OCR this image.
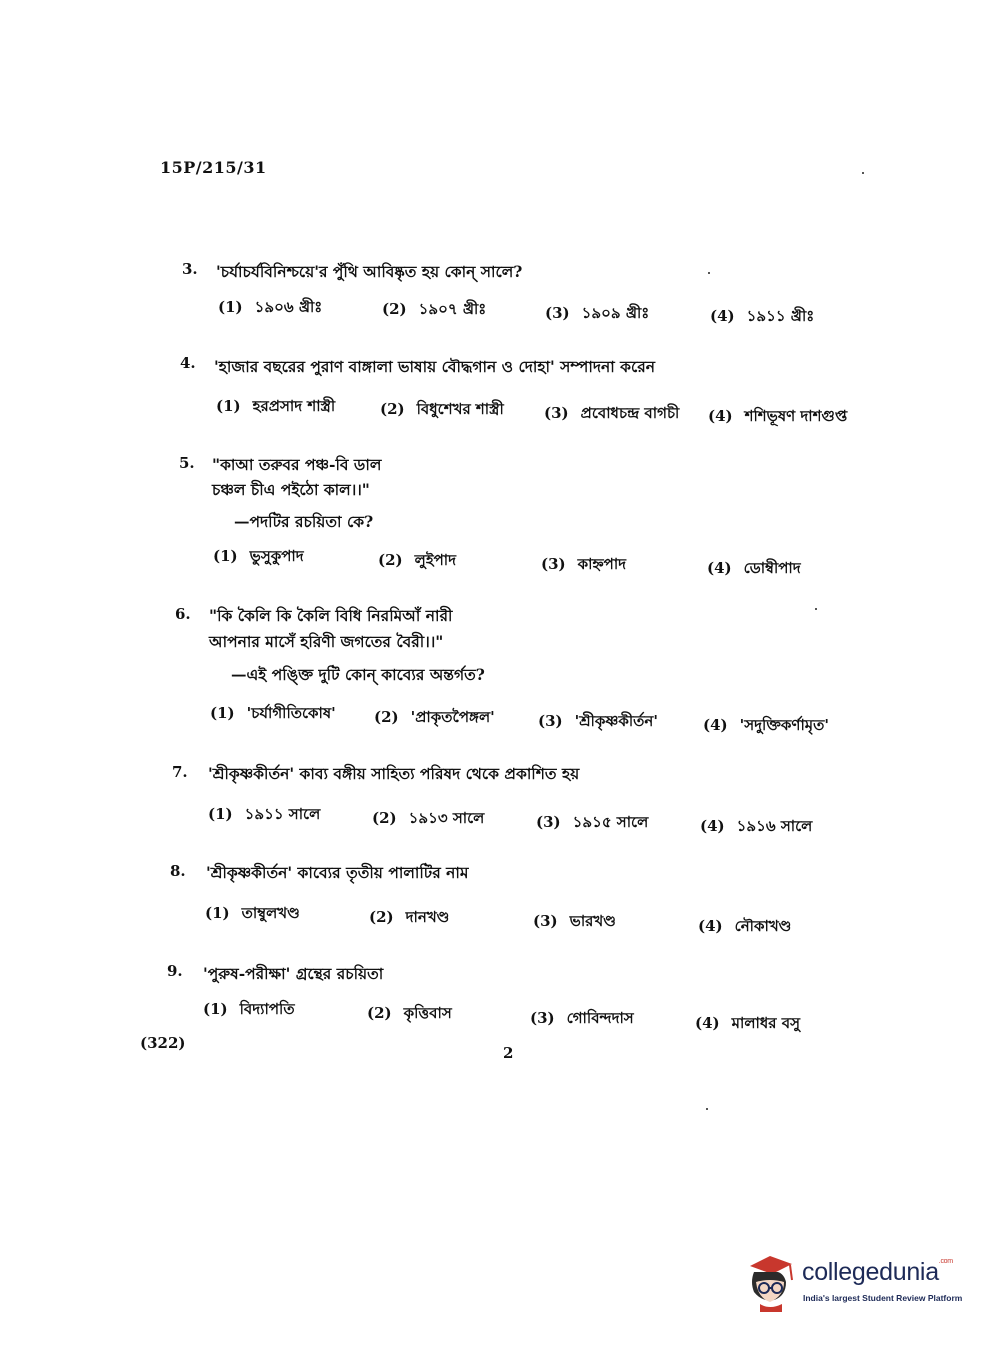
15P/215/31
3. 'চর্যাচর্যবিনিশ্চয়ে'র পুঁথি আবিষ্কৃত হয় কোন্ সালে?
(1) ১৯০৬ খ্রীঃ	(2) ১৯০৭ খ্রীঃ	(3) ১৯০৯ খ্রীঃ	(4) ১৯১১ খ্রীঃ
4. 'হাজার বছরের পুরাণ বাঙ্গালা ভাষায় বৌদ্ধগান ও দোহা' সম্পাদনা করেন
(1) হরপ্রসাদ শাস্ত্রী	(2) বিধুশেখর শাস্ত্রী	(3) প্রবোধচন্দ্র বাগচী (4) শশিভূষণ দাশগুপ্ত
5. "কাআ তরুবর পঞ্চ-বি ডাল
চঞ্চল চীএ পইঠো কাল।।"
—পদটির রচয়িতা কে?
(1) ভুসুকুপাদ	(2) লুইপাদ	(3) কাহ্নপাদ	(4) ডোম্বীপাদ
6. "কি কৈলি কি কৈলি বিধি নিরমিআঁ নারী
আপনার মাসেঁ হরিণী জগতের বৈরী।।"
—এই পঙ্ক্তি দুটি কোন্ কাব্যের অন্তর্গত?
(1) 'চর্যাগীতিকোষ'	(2) 'প্রাকৃতপৈঙ্গল'	(3) 'শ্রীকৃষ্ণকীর্তন'	(4) 'সদুক্তিকর্ণামৃত'
7. 'শ্রীকৃষ্ণকীর্তন' কাব্য বঙ্গীয় সাহিত্য পরিষদ থেকে প্রকাশিত হয়
(1) ১৯১১ সালে	(2) ১৯১৩ সালে	(3) ১৯১৫ সালে	(4) ১৯১৬ সালে
8. 'শ্রীকৃষ্ণকীর্তন' কাব্যের তৃতীয় পালাটির নাম
(1) তাম্বুলখণ্ড	(2) দানখণ্ড	(3) ভারখণ্ড	(4) নৌকাখণ্ড
9. 'পুরুষ-পরীক্ষা' গ্রন্থের রচয়িতা
(1) বিদ্যাপতি	(2) কৃত্তিবাস	(3) গোবিন্দদাস	(4) মালাধর বসু
(322)
2
collegedunia$^{.com}$
India's largest Student Review Platform
